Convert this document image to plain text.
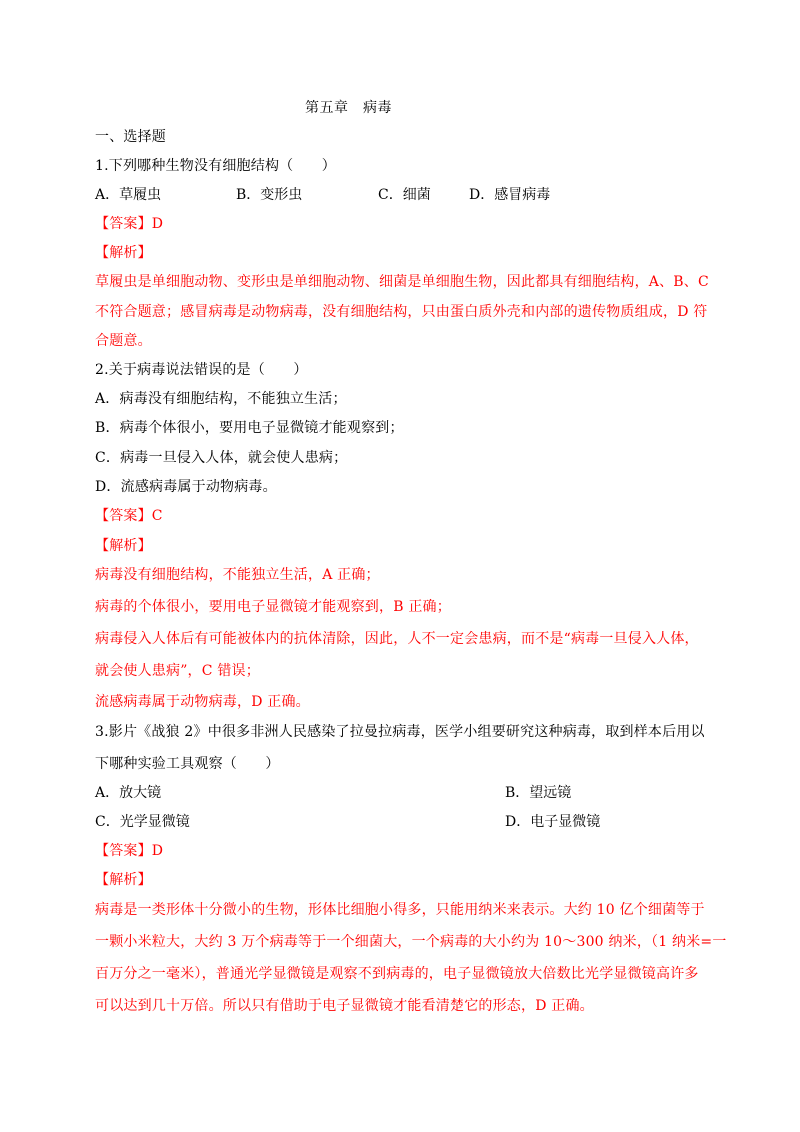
第五章　病毒
一、选择题
1.下列哪种生物没有细胞结构（　　）
A．草履虫	B．变形虫	C．细菌	D．感冒病毒
【答案】D
【解析】
草履虫是单细胞动物、变形虫是单细胞动物、细菌是单细胞生物，因此都具有细胞结构，A、B、C
不符合题意；感冒病毒是动物病毒，没有细胞结构，只由蛋白质外壳和内部的遗传物质组成，D 符
合题意。
2.关于病毒说法错误的是（　　）
A．病毒没有细胞结构，不能独立生活；
B．病毒个体很小，要用电子显微镜才能观察到；
C．病毒一旦侵入人体，就会使人患病；
D．流感病毒属于动物病毒。
【答案】C
【解析】
病毒没有细胞结构，不能独立生活，A 正确；
病毒的个体很小，要用电子显微镜才能观察到，B 正确；
病毒侵入人体后有可能被体内的抗体清除，因此，人不一定会患病，而不是“病毒一旦侵入人体，
就会使人患病”，C 错误；
流感病毒属于动物病毒，D 正确。
3.影片《战狼 2》中很多非洲人民感染了拉曼拉病毒，医学小组要研究这种病毒，取到样本后用以
下哪种实验工具观察（　　）
A．放大镜	B．望远镜
C．光学显微镜	D．电子显微镜
【答案】D
【解析】
病毒是一类形体十分微小的生物，形体比细胞小得多，只能用纳米来表示。大约 10 亿个细菌等于
一颗小米粒大，大约 3 万个病毒等于一个细菌大，一个病毒的大小约为 10～300 纳米，（1 纳米=一
百万分之一毫米），普通光学显微镜是观察不到病毒的，电子显微镜放大倍数比光学显微镜高许多
可以达到几十万倍。所以只有借助于电子显微镜才能看清楚它的形态，D 正确。
